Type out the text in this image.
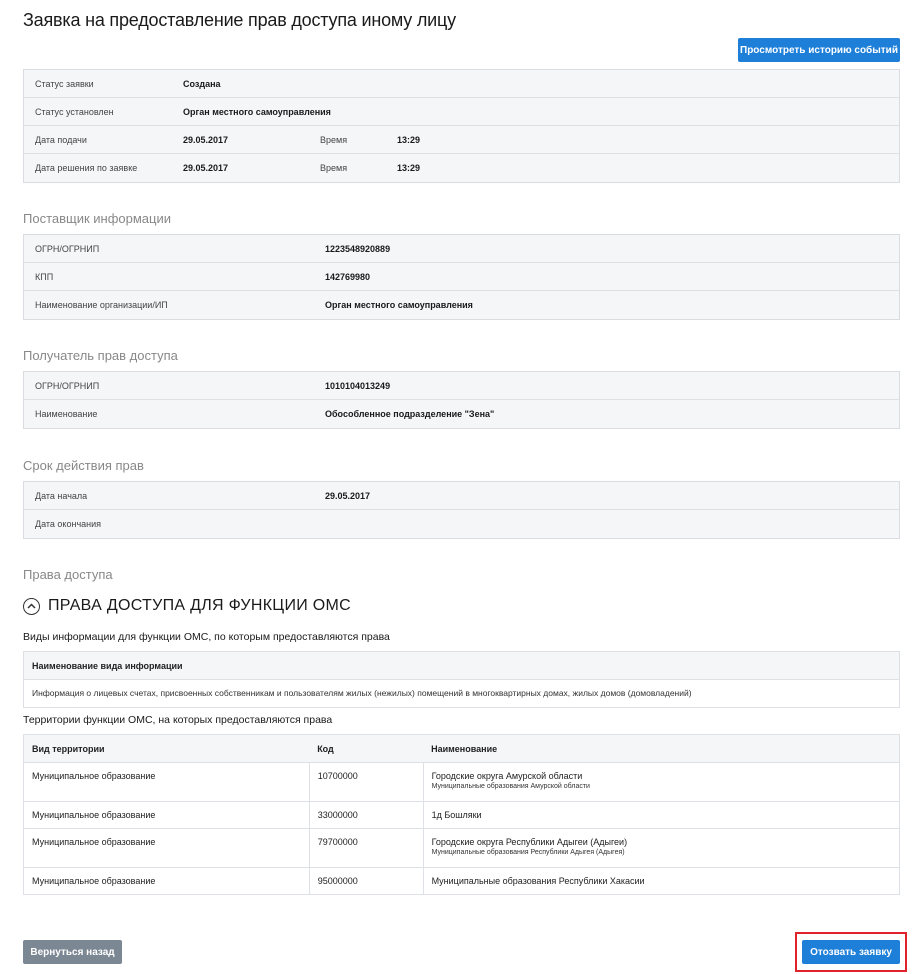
Заявка на предоставление прав доступа иному лицу
Просмотреть историю событий
Статус заявки	Создана
Статус установлен	Орган местного самоуправления
Дата подачи	29.05.2017	Время	13:29
Дата решения по заявке	29.05.2017	Время	13:29
Поставщик информации
ОГРН/ОГРНИП	1223548920889
КПП	142769980
Наименование организации/ИП	Орган местного самоуправления
Получатель прав доступа
ОГРН/ОГРНИП	1010104013249
Наименование	Обособленное подразделение "Зена"
Срок действия прав
Дата начала	29.05.2017
Дата окончания
Права доступа
ПРАВА ДОСТУПА ДЛЯ ФУНКЦИИ ОМС
Виды информации для функции ОМС, по которым предоставляются права
Наименование вида информации
Информация о лицевых счетах, присвоенных собственникам и пользователям жилых (нежилых) помещений в многоквартирных домах, жилых домов (домовладений)
Территории функции ОМС, на которых предоставляются права
Вид территории	Код	Наименование
Муниципальное образование	10700000	Городские округа Амурской области
Муниципальные образования Амурской области

Муниципальное образование	33000000	1д Бошляки

Муниципальное образование	79700000	Городские округа Республики Адыгеи (Адыгеи)
Муниципальные образования Республики Адыгея (Адыгея)

Муниципальное образование	95000000	Муниципальные образования Республики Хакасии
Вернуться назад	Отозвать заявку
